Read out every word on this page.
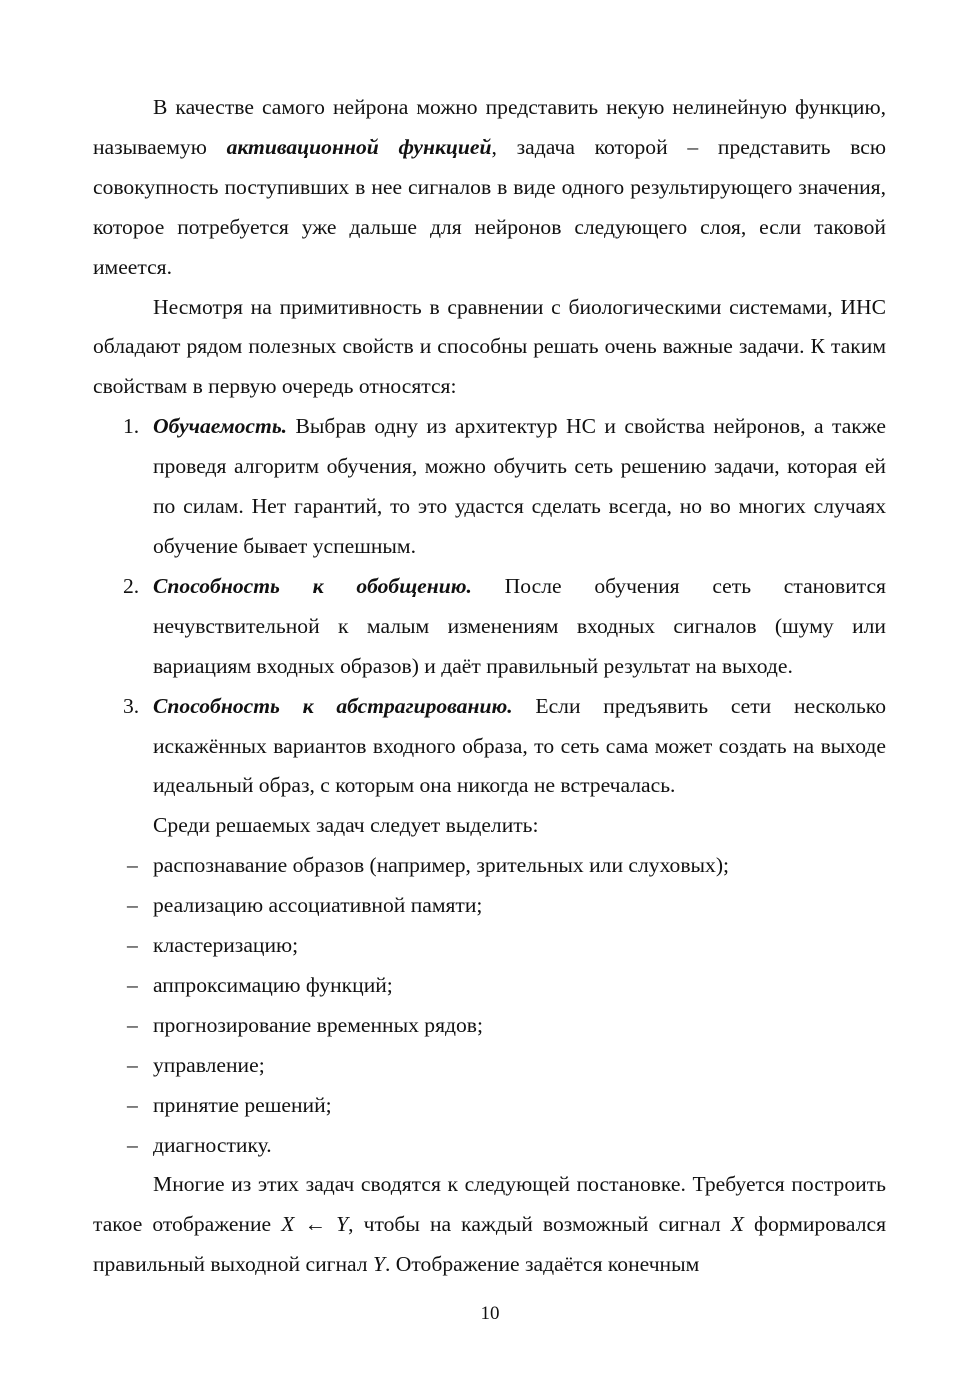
В качестве самого нейрона можно представить некую нелинейную функцию, называемую активационной функцией, задача которой – представить всю совокупность поступивших в нее сигналов в виде одного результирующего значения, которое потребуется уже дальше для нейронов следующего слоя, если таковой имеется.

Несмотря на примитивность в сравнении с биологическими системами, ИНС обладают рядом полезных свойств и способны решать очень важные задачи. К таким свойствам в первую очередь относятся:

1. Обучаемость. Выбрав одну из архитектур НС и свойства нейронов, а также проведя алгоритм обучения, можно обучить сеть решению задачи, которая ей по силам. Нет гарантий, то это удастся сделать всегда, но во многих случаях обучение бывает успешным.
2. Способность к обобщению. После обучения сеть становится нечувствительной к малым изменениям входных сигналов (шуму или вариациям входных образов) и даёт правильный результат на выходе.
3. Способность к абстрагированию. Если предъявить сети несколько искажённых вариантов входного образа, то сеть сама может создать на выходе идеальный образ, с которым она никогда не встречалась.

Среди решаемых задач следует выделить:

– распознавание образов (например, зрительных или слуховых);
– реализацию ассоциативной памяти;
– кластеризацию;
– аппроксимацию функций;
– прогнозирование временных рядов;
– управление;
– принятие решений;
– диагностику.

Многие из этих задач сводятся к следующей постановке. Требуется построить такое отображение X ← Y, чтобы на каждый возможный сигнал X формировался правильный выходной сигнал Y. Отображение задаётся конечным

10
